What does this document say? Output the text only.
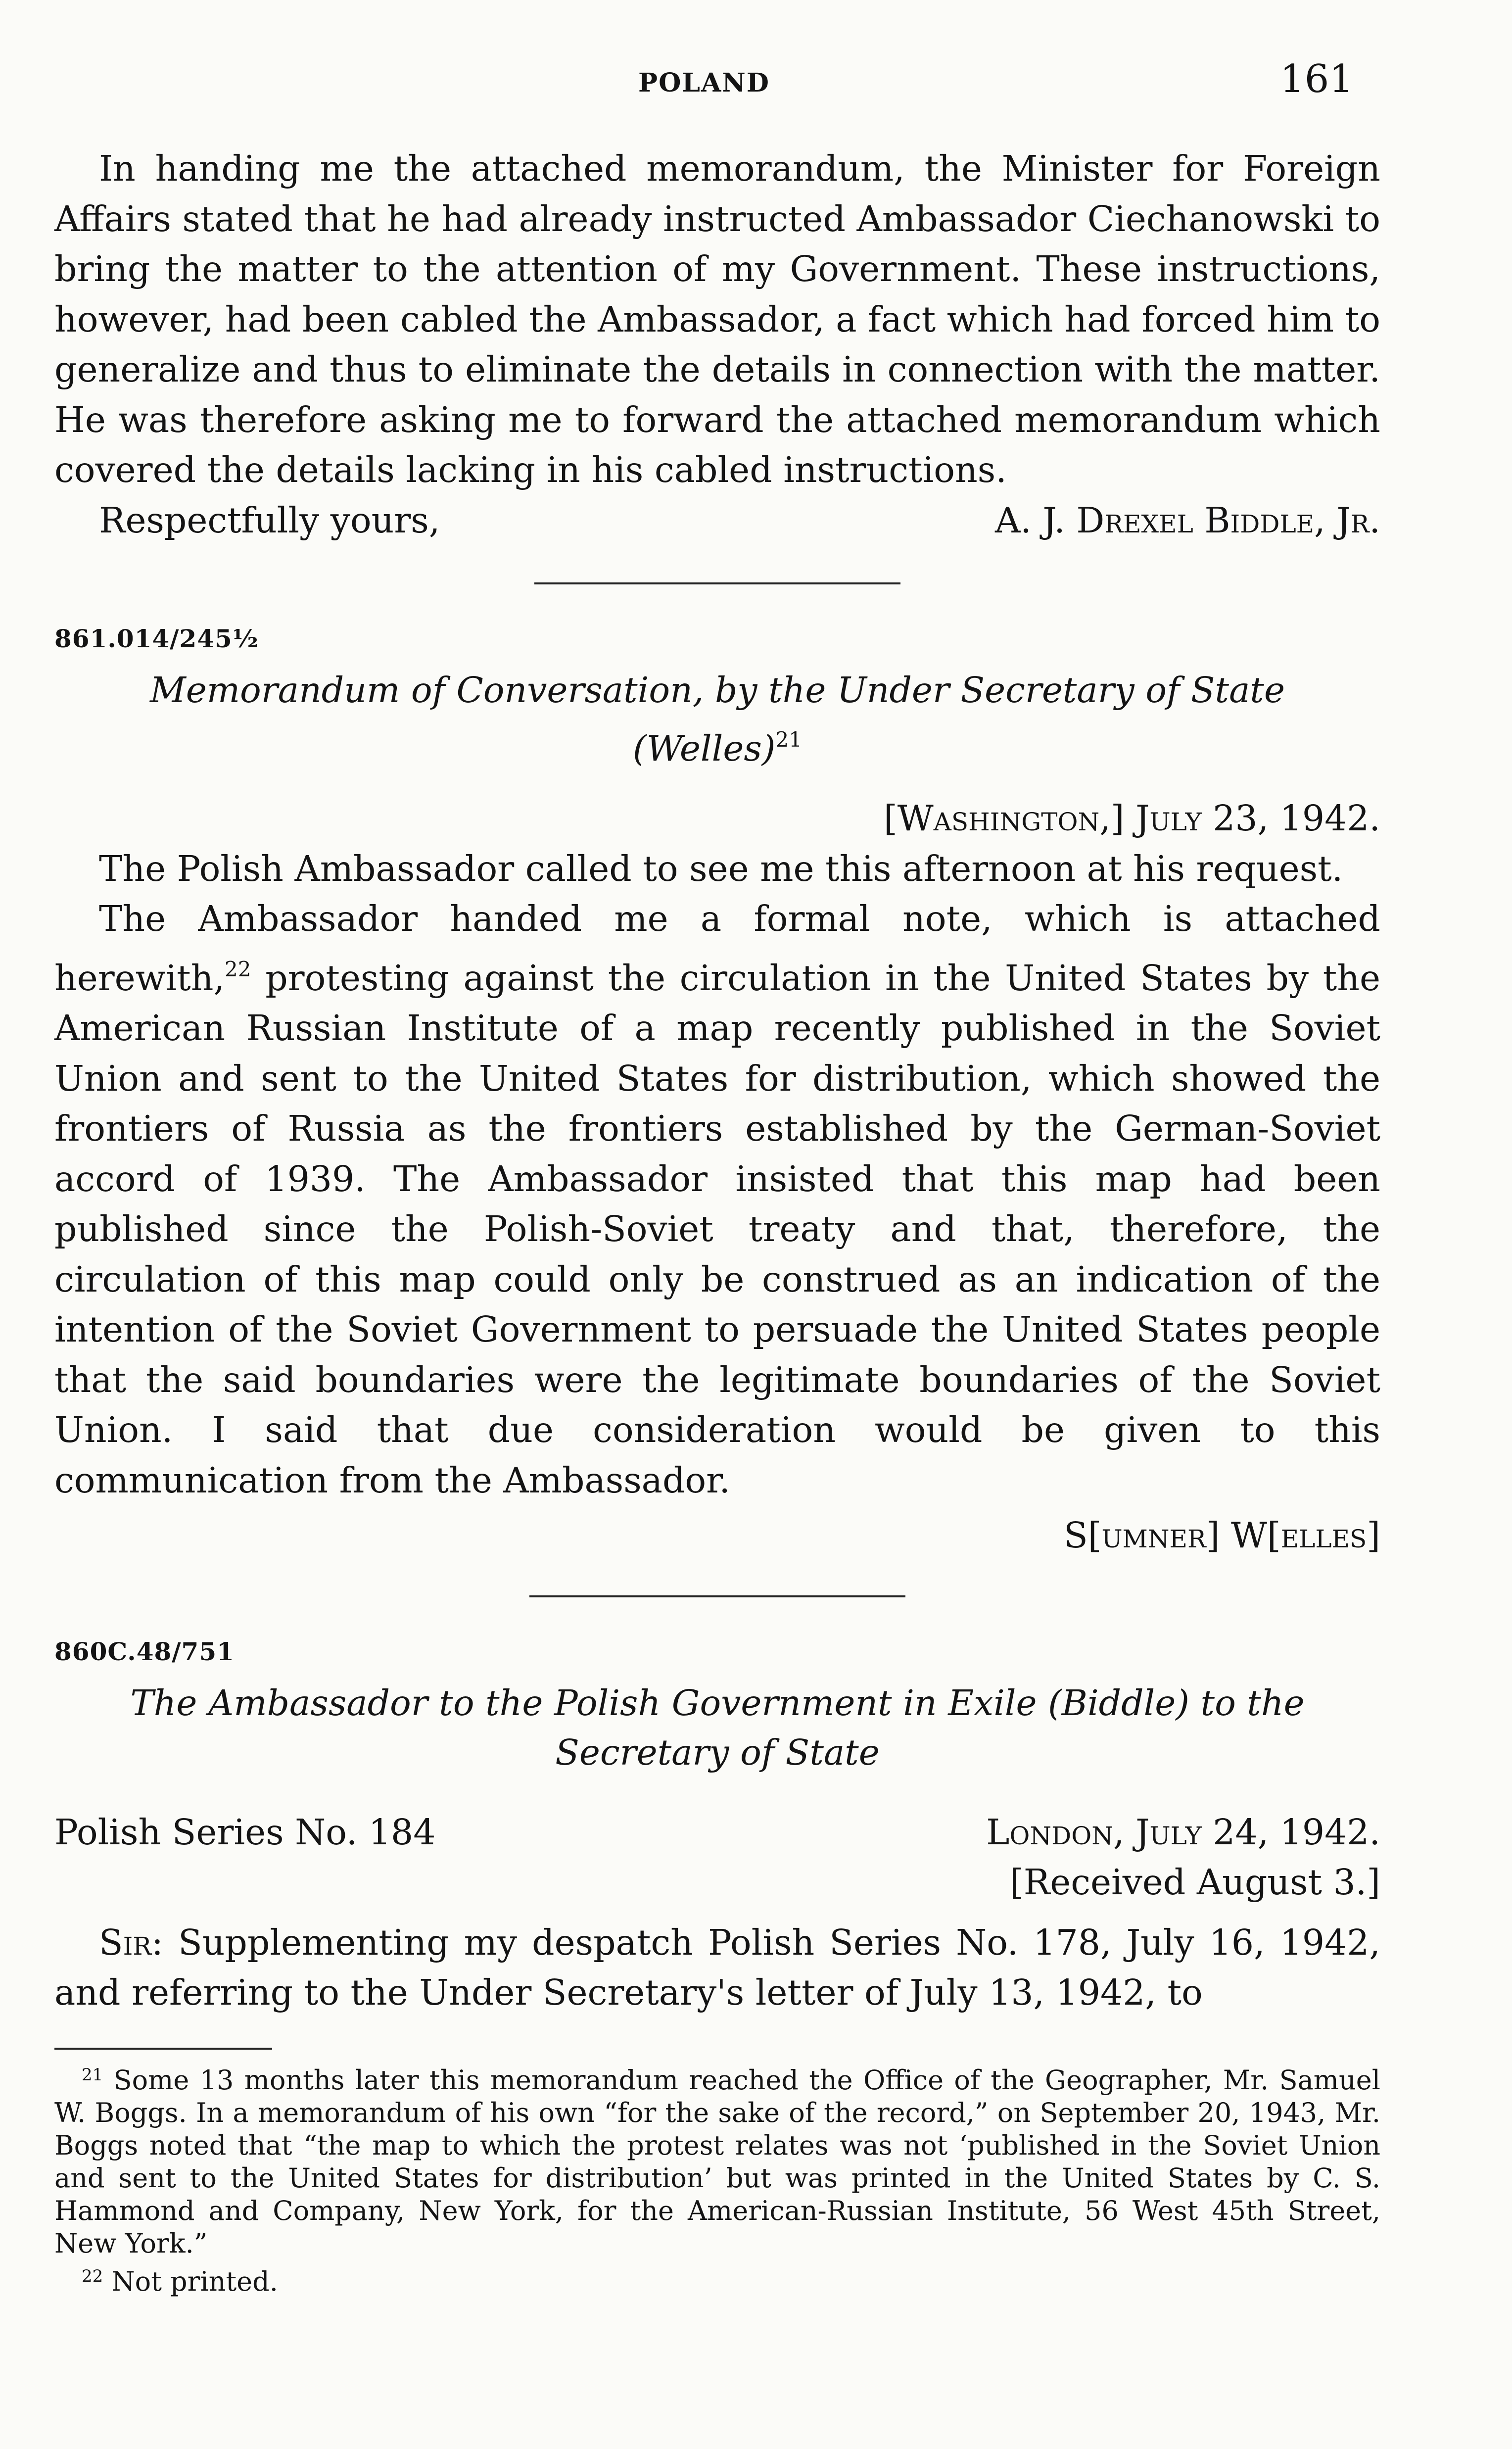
POLAND	161

In handing me the attached memorandum, the Minister for Foreign Affairs stated that he had already instructed Ambassador Ciechanowski to bring the matter to the attention of my Government. These instructions, however, had been cabled the Ambassador, a fact which had forced him to generalize and thus to eliminate the details in connection with the matter. He was therefore asking me to forward the attached memorandum which covered the details lacking in his cabled instructions.

Respectfully yours,	A. J. Drexel Biddle, Jr.
861.014/245½
Memorandum of Conversation, by the Under Secretary of State (Welles)$^{21}$
[Washington,] July 23, 1942.

The Polish Ambassador called to see me this afternoon at his request.

The Ambassador handed me a formal note, which is attached herewith,$^{22}$ protesting against the circulation in the United States by the American Russian Institute of a map recently published in the Soviet Union and sent to the United States for distribution, which showed the frontiers of Russia as the frontiers established by the German-Soviet accord of 1939. The Ambassador insisted that this map had been published since the Polish-Soviet treaty and that, therefore, the circulation of this map could only be construed as an indication of the intention of the Soviet Government to persuade the United States people that the said boundaries were the legitimate boundaries of the Soviet Union. I said that due consideration would be given to this communication from the Ambassador.

S[umner] W[elles]
860C.48/751
The Ambassador to the Polish Government in Exile (Biddle) to the Secretary of State
Polish Series No. 184	London, July 24, 1942.
[Received August 3.]

Sir: Supplementing my despatch Polish Series No. 178, July 16, 1942, and referring to the Under Secretary's letter of July 13, 1942, to

$^{21}$ Some 13 months later this memorandum reached the Office of the Geographer, Mr. Samuel W. Boggs. In a memorandum of his own “for the sake of the record,” on September 20, 1943, Mr. Boggs noted that “the map to which the protest relates was not ‘published in the Soviet Union and sent to the United States for distribution’ but was printed in the United States by C. S. Hammond and Company, New York, for the American-Russian Institute, 56 West 45th Street, New York.”

$^{22}$ Not printed.
